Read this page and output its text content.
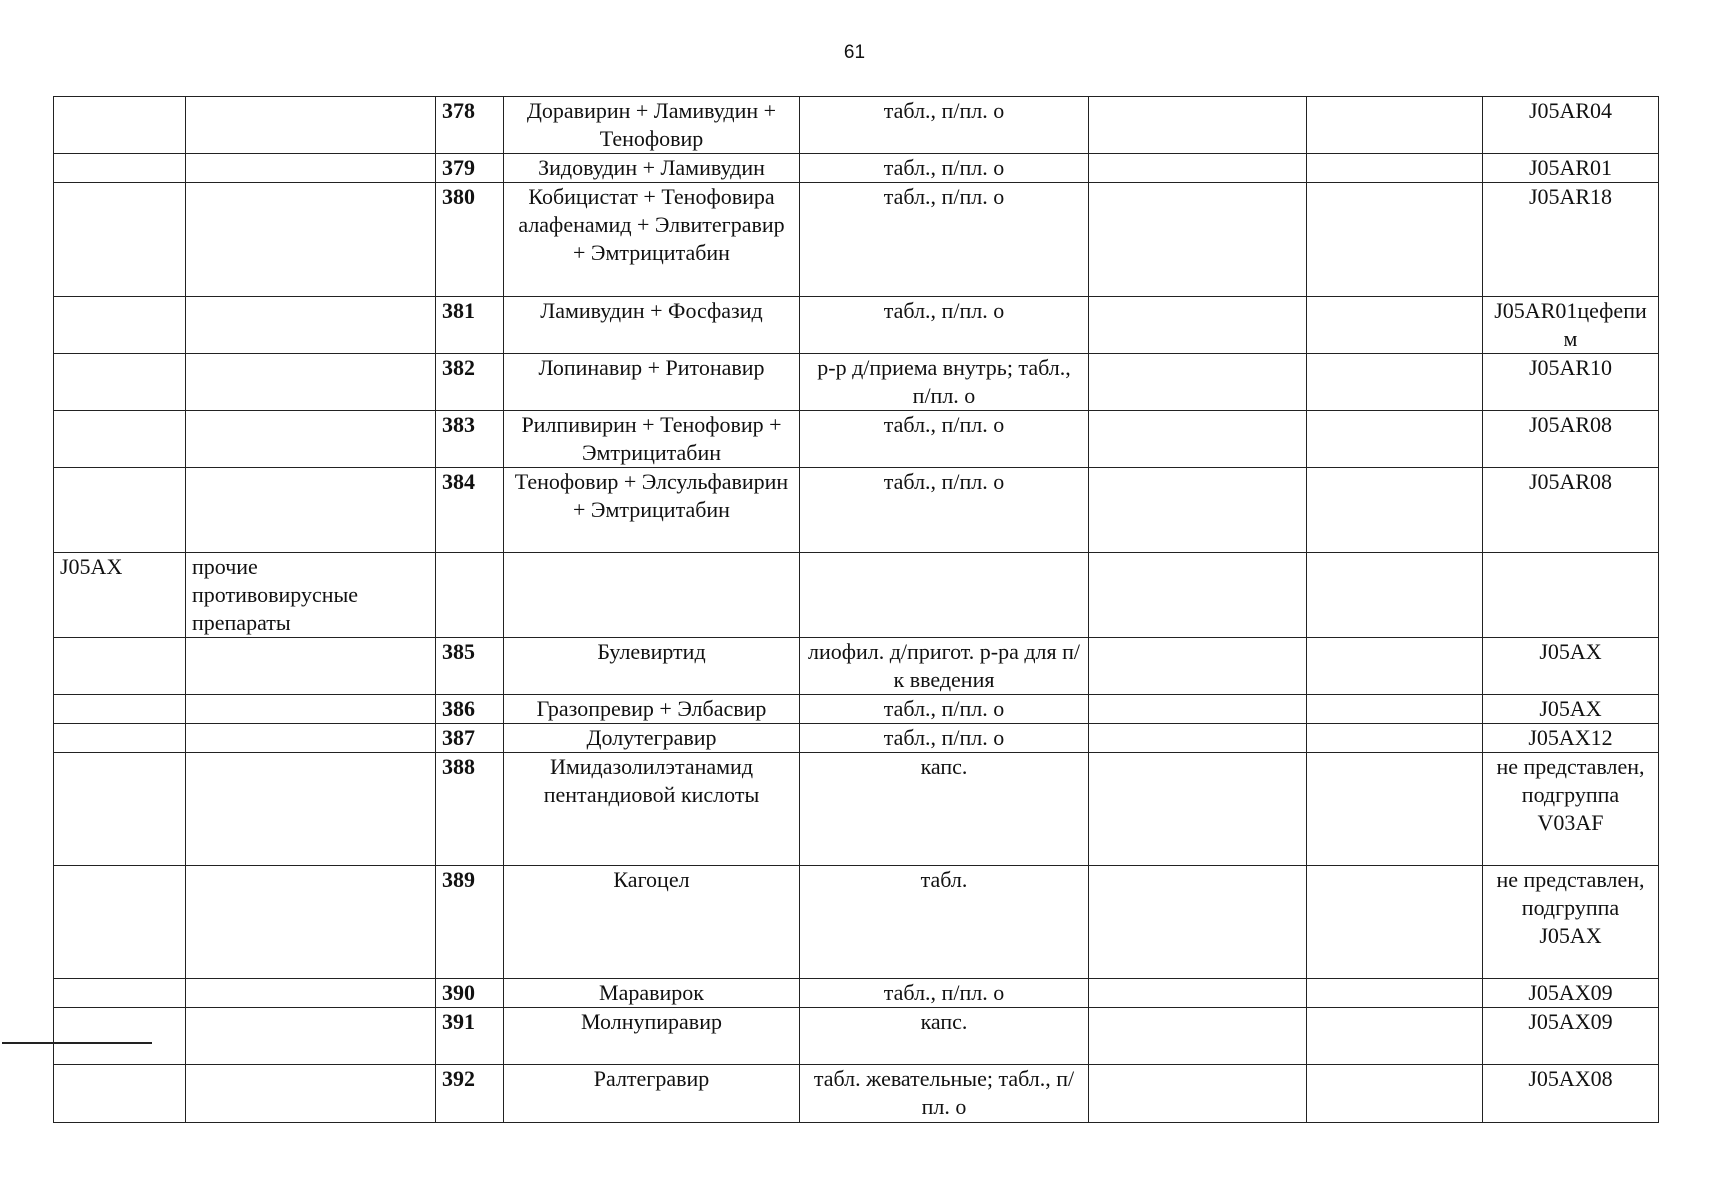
61
		378	Доравирин + Ламивудин + Тенофовир	табл., п/пл. о			J05AR04
		379	Зидовудин + Ламивудин	табл., п/пл. о			J05AR01
		380	Кобицистат + Тенофовира алафенамид + Элвитегравир + Эмтрицитабин	табл., п/пл. о			J05AR18
		381	Ламивудин + Фосфазид	табл., п/пл. о			J05AR01цефепим
		382	Лопинавир + Ритонавир	р-р д/приема внутрь; табл., п/пл. о			J05AR10
		383	Рилпивирин + Тенофовир + Эмтрицитабин	табл., п/пл. о			J05AR08
		384	Тенофовир + Элсульфавирин + Эмтрицитабин	табл., п/пл. о			J05AR08
J05AX	прочие противовирусные препараты						
		385	Булевиртид	лиофил. д/пригот. р-ра для п/к введения			J05AX
		386	Гразопревир + Элбасвир	табл., п/пл. о			J05AX
		387	Долутегравир	табл., п/пл. о			J05AX12
		388	Имидазолилэтанамид пентандиовой кислоты	капс.			не представлен, подгруппа V03AF
		389	Кагоцел	табл.			не представлен, подгруппа J05AX
		390	Маравирок	табл., п/пл. о			J05AX09
		391	Молнупиравир	капс.			J05AX09
		392	Ралтегравир	табл. жевательные; табл., п/пл. о			J05AX08
